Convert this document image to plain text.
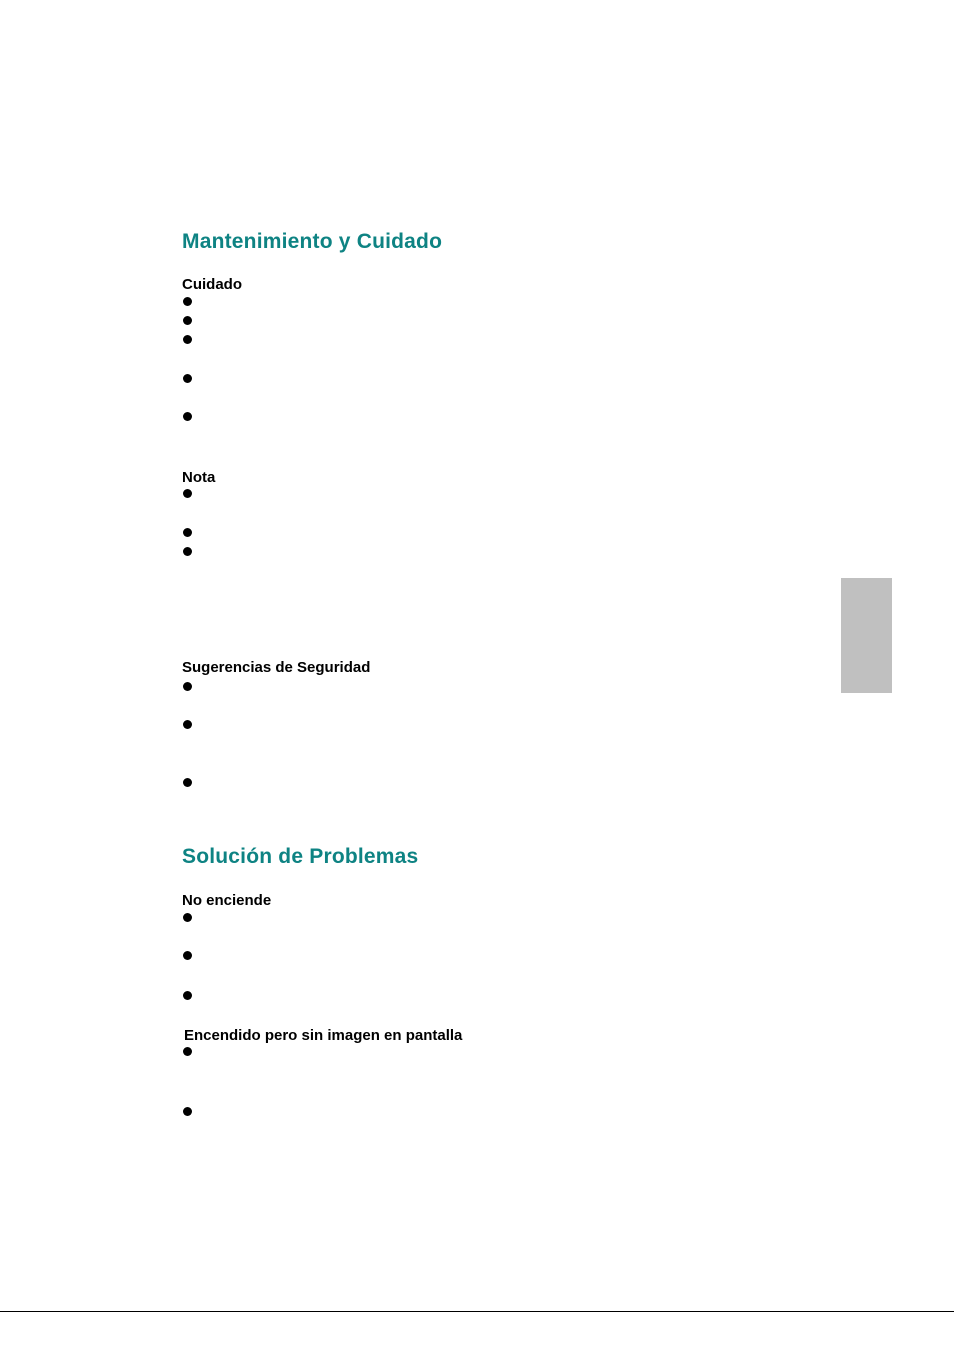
Mantenimiento y Cuidado
Cuidado
Nota
Sugerencias de Seguridad
Solución de Problemas
No enciende
Encendido pero sin imagen en pantalla
